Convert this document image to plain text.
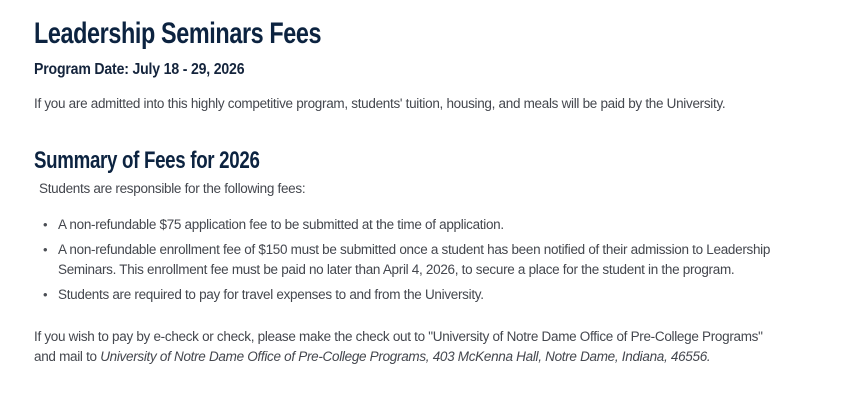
Leadership Seminars Fees

Program Date: July 18 - 29, 2026

If you are admitted into this highly competitive program, students' tuition, housing, and meals will be paid by the University.

Summary of Fees for 2026

Students are responsible for the following fees:

• A non-refundable $75 application fee to be submitted at the time of application.
• A non-refundable enrollment fee of $150 must be submitted once a student has been notified of their admission to Leadership Seminars. This enrollment fee must be paid no later than April 4, 2026, to secure a place for the student in the program.
• Students are required to pay for travel expenses to and from the University.

If you wish to pay by e-check or check, please make the check out to "University of Notre Dame Office of Pre-College Programs" and mail to University of Notre Dame Office of Pre-College Programs, 403 McKenna Hall, Notre Dame, Indiana, 46556.
